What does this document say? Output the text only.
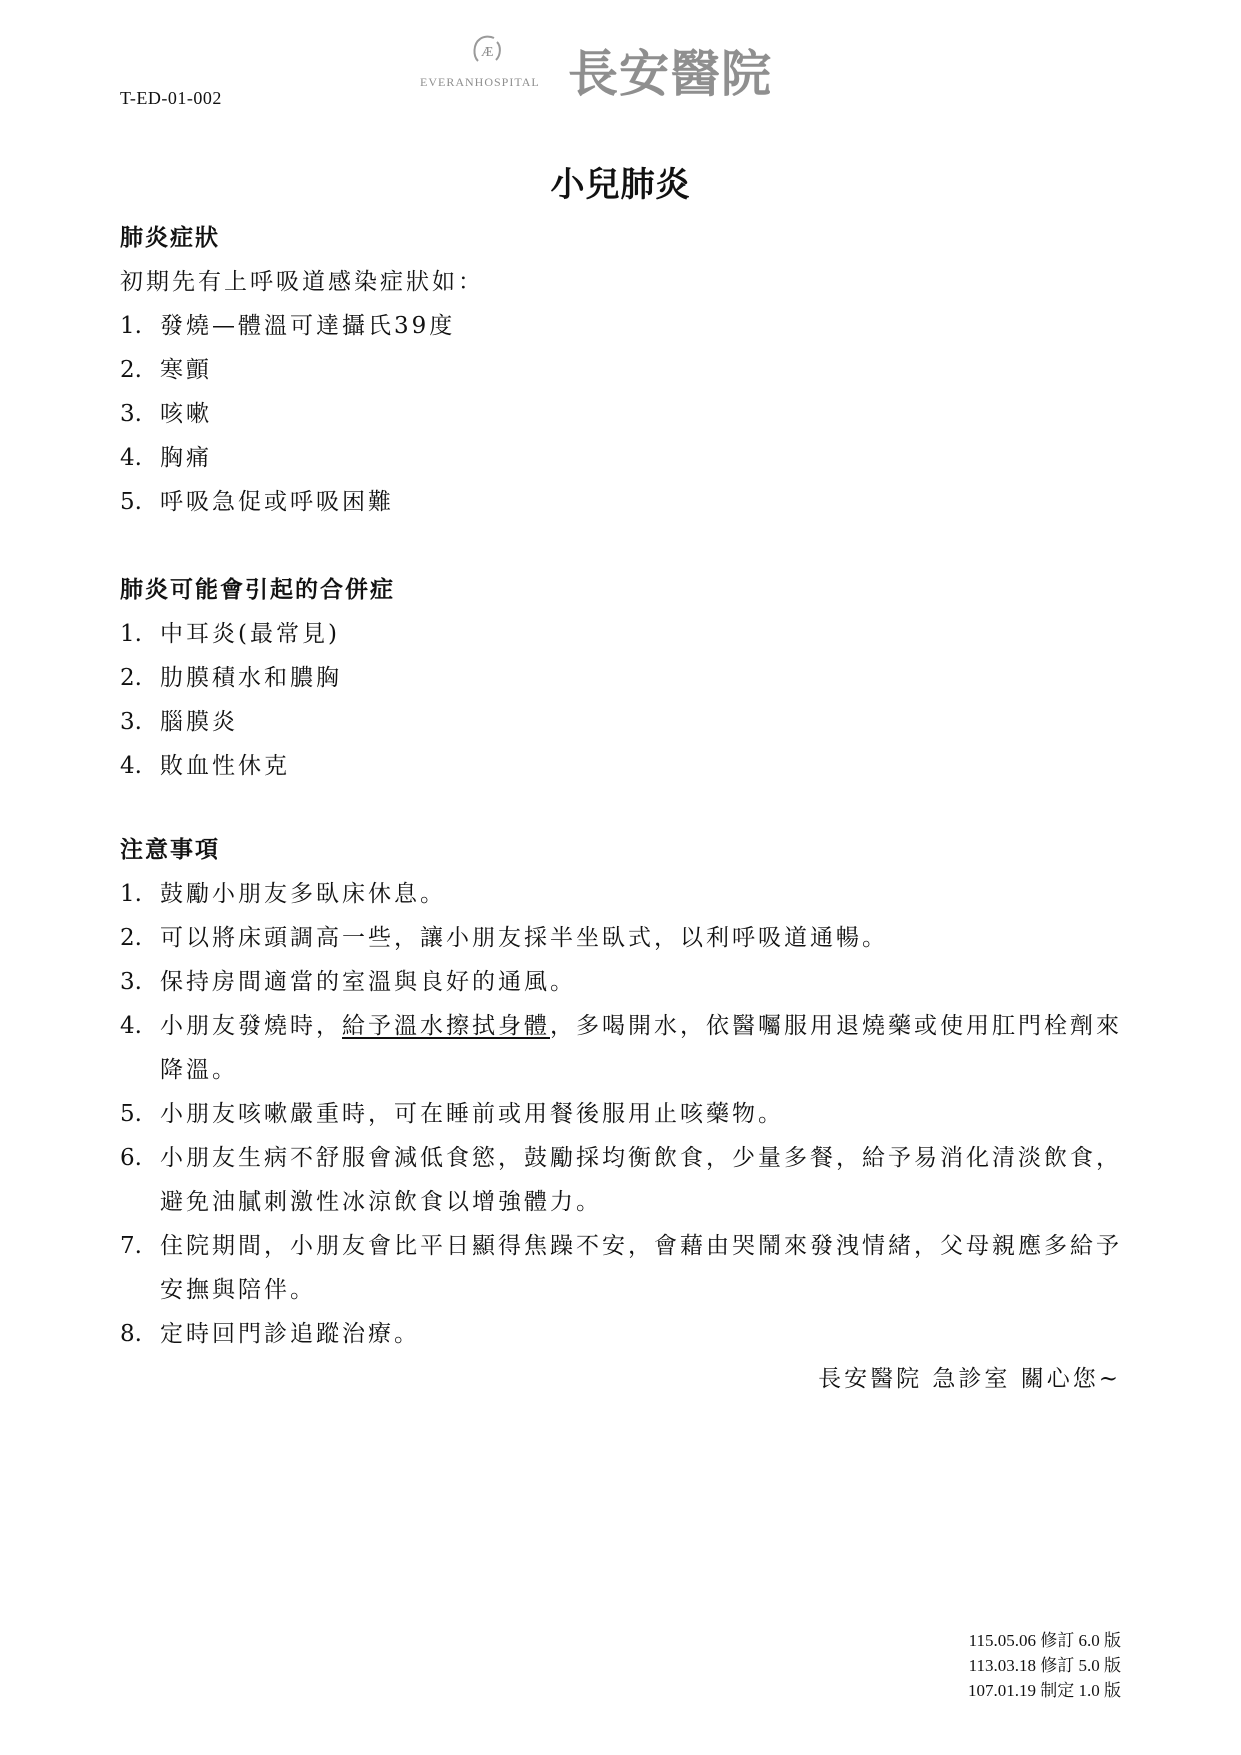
T-ED-01-002
Æ
EVERANHOSPITAL 長安醫院
小兒肺炎
肺炎症狀
初期先有上呼吸道感染症狀如：
1. 發燒—體溫可達攝氏39度
2. 寒顫
3. 咳嗽
4. 胸痛
5. 呼吸急促或呼吸困難
肺炎可能會引起的合併症
1. 中耳炎(最常見)
2. 肋膜積水和膿胸
3. 腦膜炎
4. 敗血性休克
注意事項
1. 鼓勵小朋友多臥床休息。
2. 可以將床頭調高一些，讓小朋友採半坐臥式，以利呼吸道通暢。
3. 保持房間適當的室溫與良好的通風。
4. 小朋友發燒時，給予溫水擦拭身體，多喝開水，依醫囑服用退燒藥或使用肛門栓劑來降溫。
5. 小朋友咳嗽嚴重時，可在睡前或用餐後服用止咳藥物。
6. 小朋友生病不舒服會減低食慾，鼓勵採均衡飲食，少量多餐，給予易消化清淡飲食，避免油膩刺激性冰涼飲食以增強體力。
7. 住院期間，小朋友會比平日顯得焦躁不安，會藉由哭鬧來發洩情緒，父母親應多給予安撫與陪伴。
8. 定時回門診追蹤治療。
長安醫院 急診室 關心您~
115.05.06 修訂 6.0 版
113.03.18 修訂 5.0 版
107.01.19 制定 1.0 版
